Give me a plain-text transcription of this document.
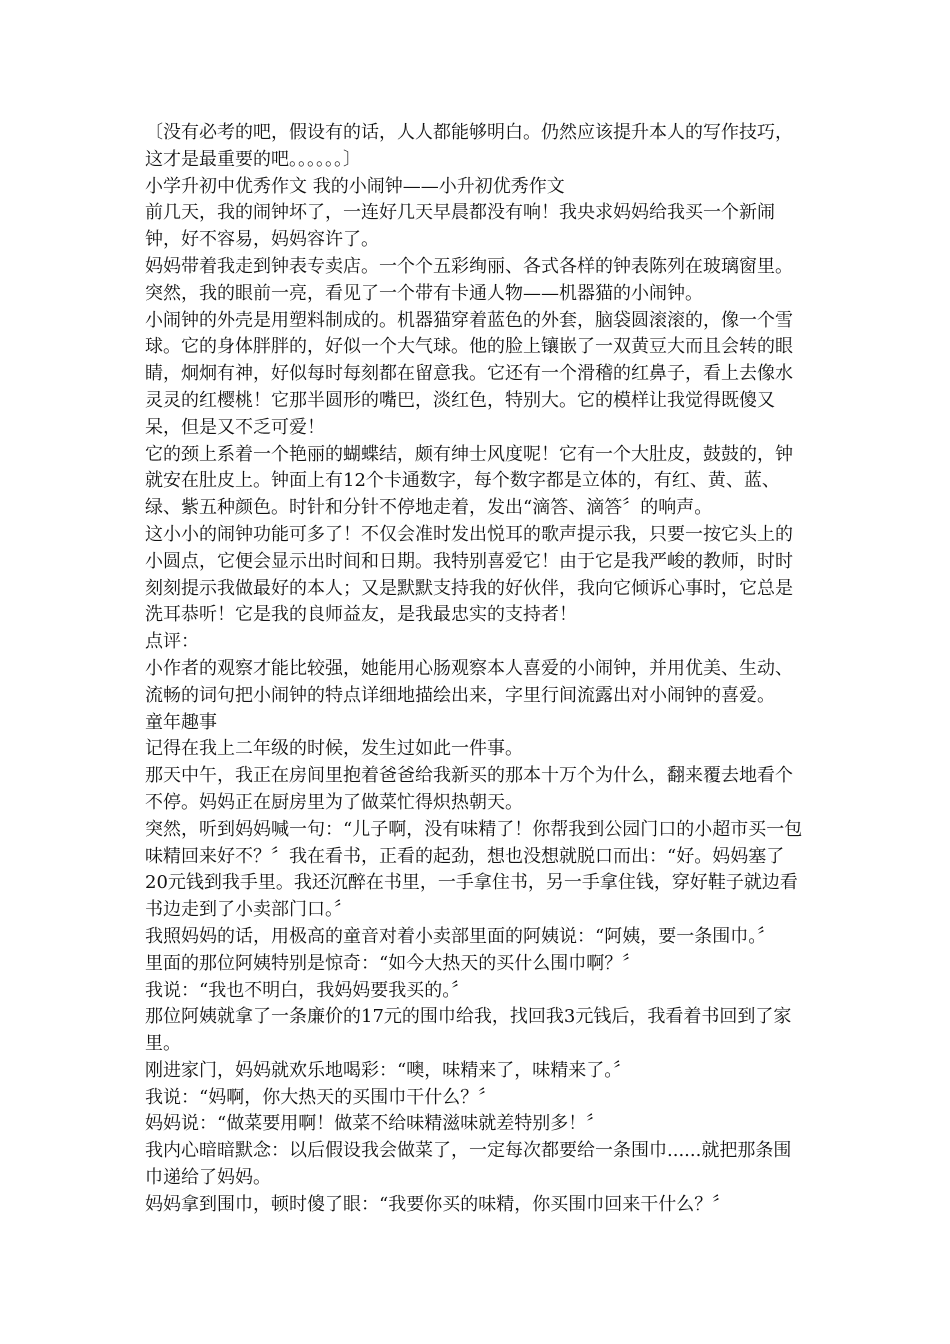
〔没有必考的吧，假设有的话，人人都能够明白。仍然应该提升本人的写作技巧，这才是最重要的吧。。。。。。〕

小学升初中优秀作文 我的小闹钟——小升初优秀作文

前几天，我的闹钟坏了，一连好几天早晨都没有响！我央求妈妈给我买一个新闹钟，好不容易，妈妈容许了。

妈妈带着我走到钟表专卖店。一个个五彩绚丽、各式各样的钟表陈列在玻璃窗里。突然，我的眼前一亮，看见了一个带有卡通人物——机器猫的小闹钟。

小闹钟的外壳是用塑料制成的。机器猫穿着蓝色的外套，脑袋圆滚滚的，像一个雪球。它的身体胖胖的，好似一个大气球。他的脸上镶嵌了一双黄豆大而且会转的眼睛，炯炯有神，好似每时每刻都在留意我。它还有一个滑稽的红鼻子，看上去像水灵灵的红樱桃！它那半圆形的嘴巴，淡红色，特别大。它的模样让我觉得既傻又呆，但是又不乏可爱！

它的颈上系着一个艳丽的蝴蝶结，颇有绅士风度呢！它有一个大肚皮，鼓鼓的，钟就安在肚皮上。钟面上有12个卡通数字，每个数字都是立体的，有红、黄、蓝、绿、紫五种颜色。时针和分针不停地走着，发出“滴答、滴答〞的响声。

这小小的闹钟功能可多了！不仅会准时发出悦耳的歌声提示我，只要一按它头上的小圆点，它便会显示出时间和日期。我特别喜爱它！由于它是我严峻的教师，时时刻刻提示我做最好的本人；又是默默支持我的好伙伴，我向它倾诉心事时，它总是洗耳恭听！它是我的良师益友，是我最忠实的支持者！

点评：

小作者的观察才能比较强，她能用心肠观察本人喜爱的小闹钟，并用优美、生动、流畅的词句把小闹钟的特点详细地描绘出来，字里行间流露出对小闹钟的喜爱。

童年趣事

记得在我上二年级的时候，发生过如此一件事。

那天中午，我正在房间里抱着爸爸给我新买的那本十万个为什么，翻来覆去地看个不停。妈妈正在厨房里为了做菜忙得炽热朝天。

突然，听到妈妈喊一句：“儿子啊，没有味精了！你帮我到公园门口的小超市买一包味精回来好不？〞我在看书，正看的起劲，想也没想就脱口而出：“好。妈妈塞了20元钱到我手里。我还沉醉在书里，一手拿住书，另一手拿住钱，穿好鞋子就边看书边走到了小卖部门口。〞

我照妈妈的话，用极高的童音对着小卖部里面的阿姨说：“阿姨，要一条围巾。〞

里面的那位阿姨特别是惊奇：“如今大热天的买什么围巾啊？〞

我说：“我也不明白，我妈妈要我买的。〞

那位阿姨就拿了一条廉价的17元的围巾给我，找回我3元钱后，我看着书回到了家里。

刚进家门，妈妈就欢乐地喝彩：“噢，味精来了，味精来了。〞

我说：“妈啊，你大热天的买围巾干什么？〞

妈妈说：“做菜要用啊！做菜不给味精滋味就差特别多！〞

我内心暗暗默念：以后假设我会做菜了，一定每次都要给一条围巾......就把那条围巾递给了妈妈。

妈妈拿到围巾，顿时傻了眼：“我要你买的味精，你买围巾回来干什么？〞
